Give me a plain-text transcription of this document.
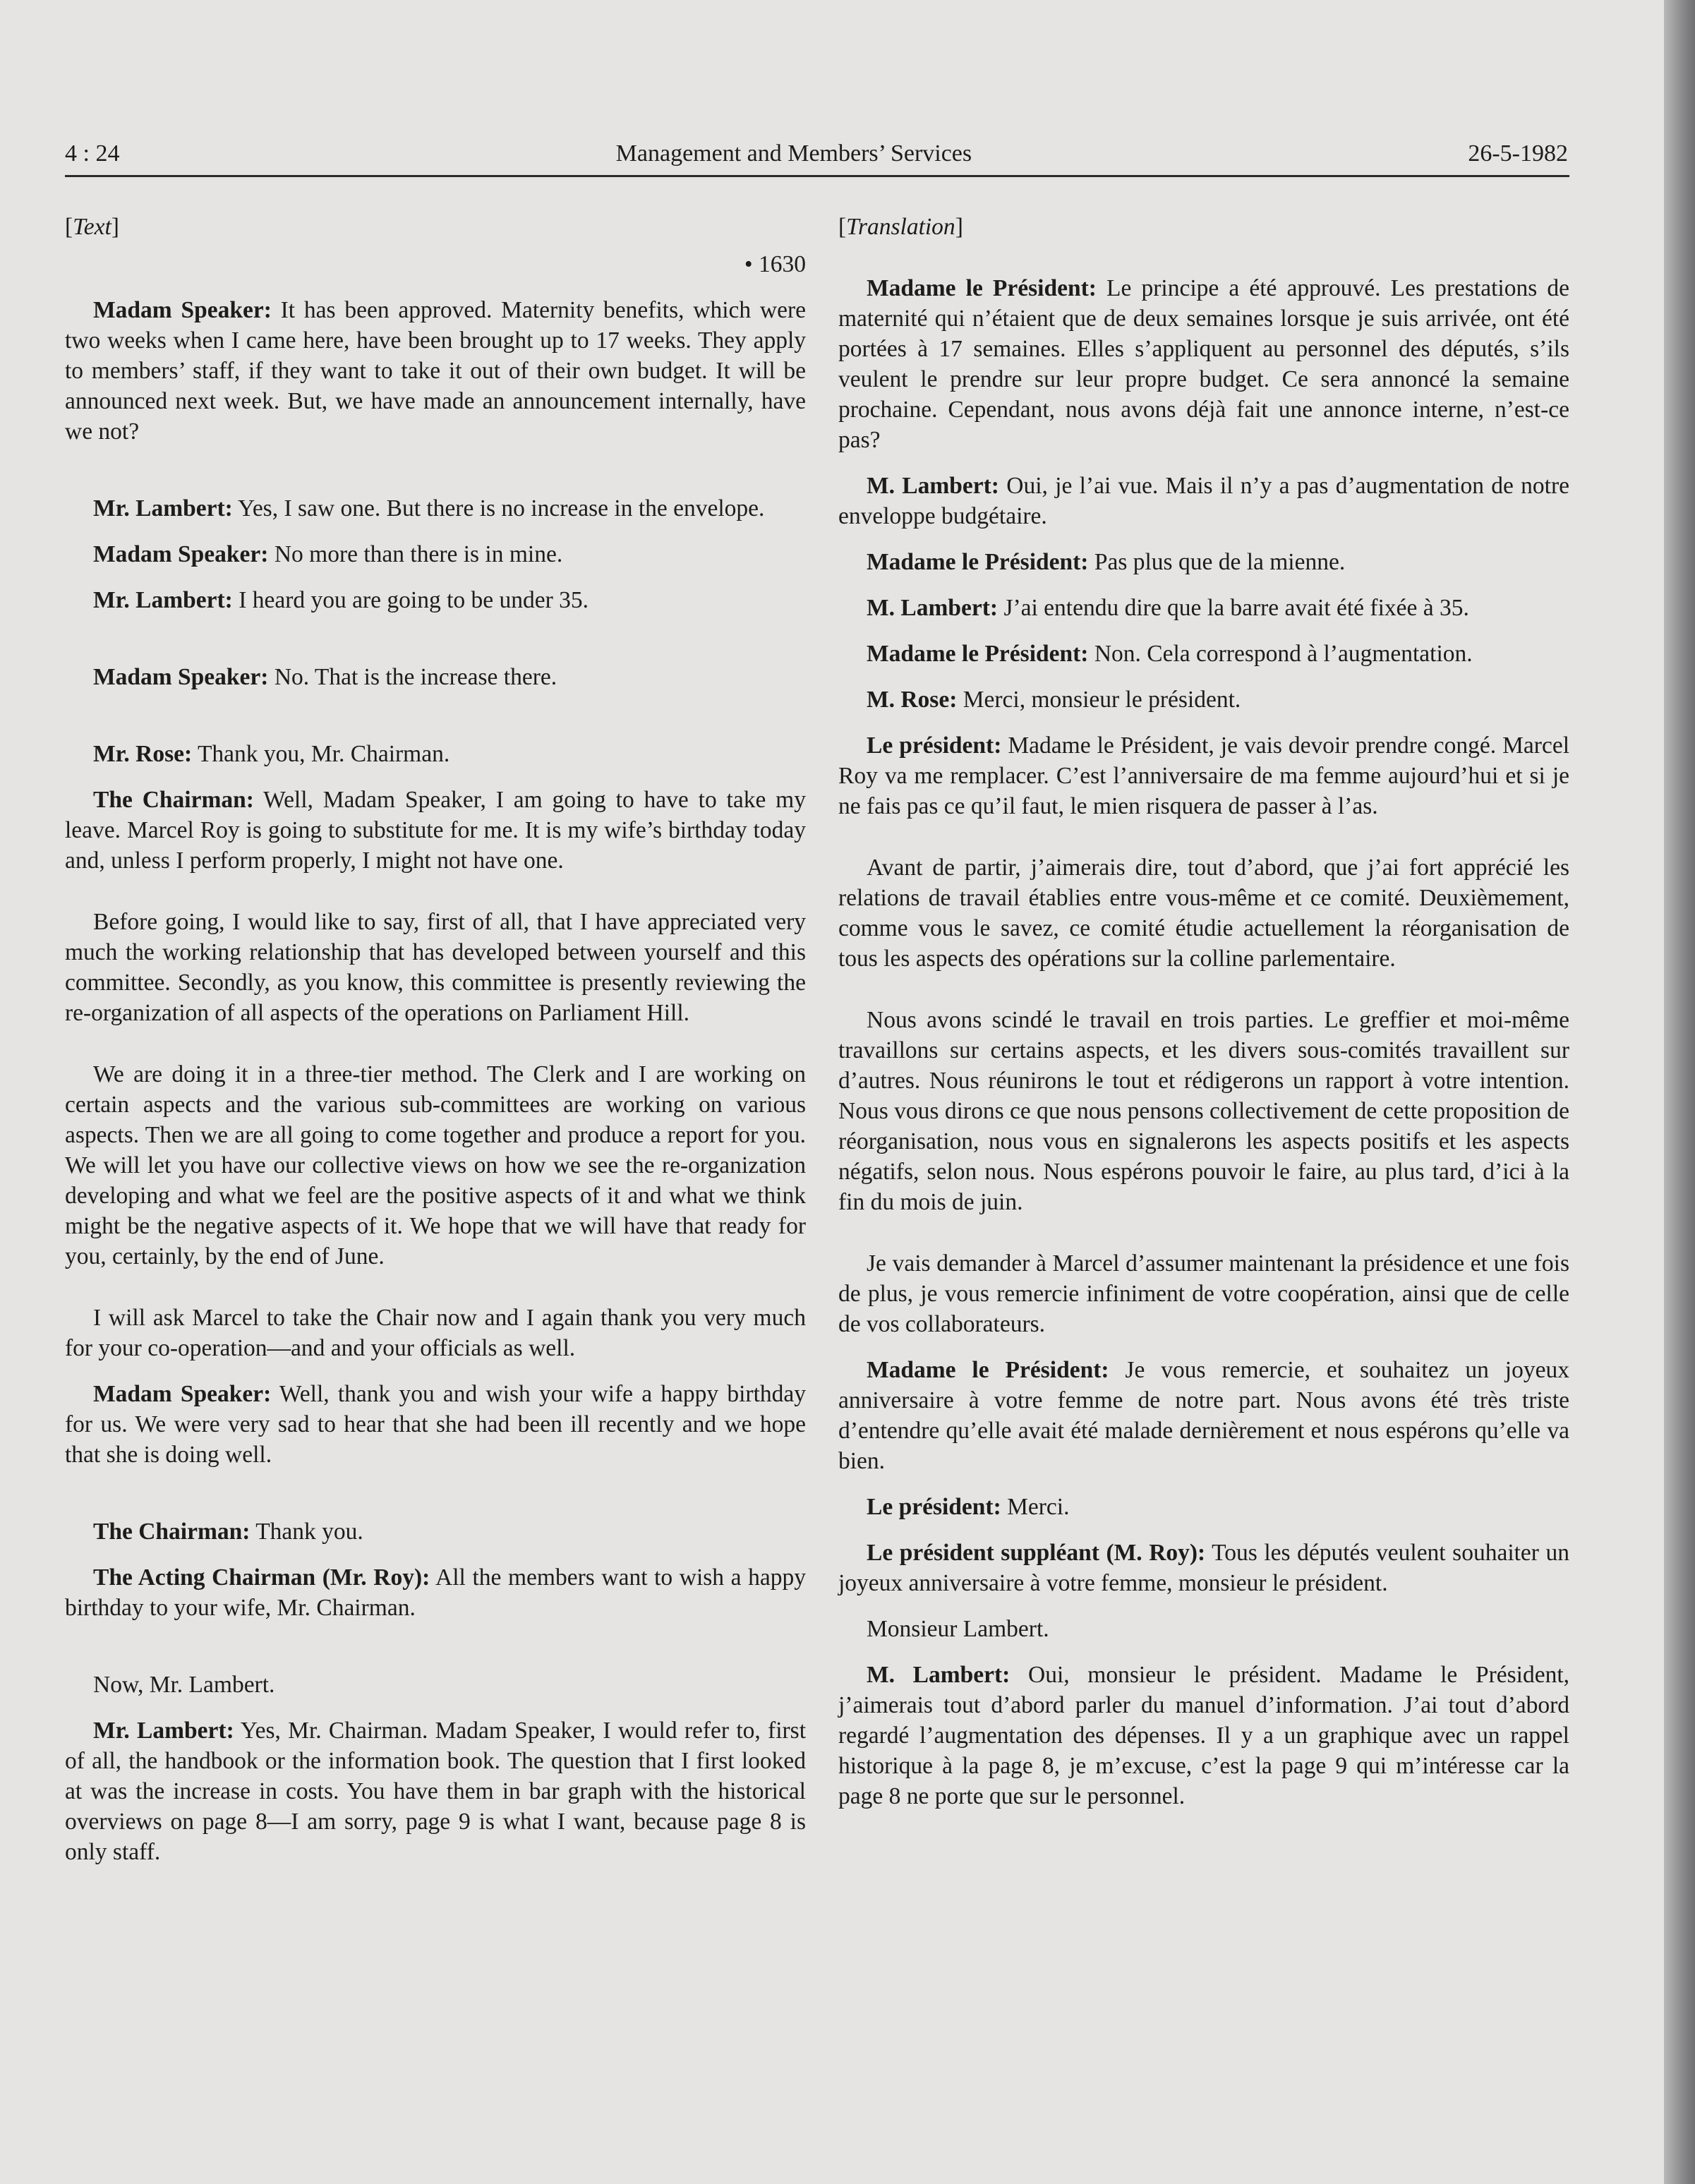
4 : 24	Management and Members’ Services	26-5-1982

[Text]

• 1630

Madam Speaker: It has been approved. Maternity benefits, which were two weeks when I came here, have been brought up to 17 weeks. They apply to members’ staff, if they want to take it out of their own budget. It will be announced next week. But, we have made an announcement internally, have we not?

Mr. Lambert: Yes, I saw one. But there is no increase in the envelope.

Madam Speaker: No more than there is in mine.

Mr. Lambert: I heard you are going to be under 35.

Madam Speaker: No. That is the increase there.

Mr. Rose: Thank you, Mr. Chairman.

The Chairman: Well, Madam Speaker, I am going to have to take my leave. Marcel Roy is going to substitute for me. It is my wife’s birthday today and, unless I perform properly, I might not have one.

Before going, I would like to say, first of all, that I have appreciated very much the working relationship that has developed between yourself and this committee. Secondly, as you know, this committee is presently reviewing the re-organization of all aspects of the operations on Parliament Hill.

We are doing it in a three-tier method. The Clerk and I are working on certain aspects and the various sub-committees are working on various aspects. Then we are all going to come together and produce a report for you. We will let you have our collective views on how we see the re-organization developing and what we feel are the positive aspects of it and what we think might be the negative aspects of it. We hope that we will have that ready for you, certainly, by the end of June.

I will ask Marcel to take the Chair now and I again thank you very much for your co-operation—and and your officials as well.

Madam Speaker: Well, thank you and wish your wife a happy birthday for us. We were very sad to hear that she had been ill recently and we hope that she is doing well.

The Chairman: Thank you.

The Acting Chairman (Mr. Roy): All the members want to wish a happy birthday to your wife, Mr. Chairman.

Now, Mr. Lambert.

Mr. Lambert: Yes, Mr. Chairman. Madam Speaker, I would refer to, first of all, the handbook or the information book. The question that I first looked at was the increase in costs. You have them in bar graph with the historical overviews on page 8—I am sorry, page 9 is what I want, because page 8 is only staff.

[Translation]

Madame le Président: Le principe a été approuvé. Les prestations de maternité qui n’étaient que de deux semaines lorsque je suis arrivée, ont été portées à 17 semaines. Elles s’appliquent au personnel des députés, s’ils veulent le prendre sur leur propre budget. Ce sera annoncé la semaine prochaine. Cependant, nous avons déjà fait une annonce interne, n’est-ce pas?

M. Lambert: Oui, je l’ai vue. Mais il n’y a pas d’augmentation de notre enveloppe budgétaire.

Madame le Président: Pas plus que de la mienne.

M. Lambert: J’ai entendu dire que la barre avait été fixée à 35.

Madame le Président: Non. Cela correspond à l’augmentation.

M. Rose: Merci, monsieur le président.

Le président: Madame le Président, je vais devoir prendre congé. Marcel Roy va me remplacer. C’est l’anniversaire de ma femme aujourd’hui et si je ne fais pas ce qu’il faut, le mien risquera de passer à l’as.

Avant de partir, j’aimerais dire, tout d’abord, que j’ai fort apprécié les relations de travail établies entre vous-même et ce comité. Deuxièmement, comme vous le savez, ce comité étudie actuellement la réorganisation de tous les aspects des opérations sur la colline parlementaire.

Nous avons scindé le travail en trois parties. Le greffier et moi-même travaillons sur certains aspects, et les divers sous-comités travaillent sur d’autres. Nous réunirons le tout et rédigerons un rapport à votre intention. Nous vous dirons ce que nous pensons collectivement de cette proposition de réorganisation, nous vous en signalerons les aspects positifs et les aspects négatifs, selon nous. Nous espérons pouvoir le faire, au plus tard, d’ici à la fin du mois de juin.

Je vais demander à Marcel d’assumer maintenant la présidence et une fois de plus, je vous remercie infiniment de votre coopération, ainsi que de celle de vos collaborateurs.

Madame le Président: Je vous remercie, et souhaitez un joyeux anniversaire à votre femme de notre part. Nous avons été très triste d’entendre qu’elle avait été malade dernièrement et nous espérons qu’elle va bien.

Le président: Merci.

Le président suppléant (M. Roy): Tous les députés veulent souhaiter un joyeux anniversaire à votre femme, monsieur le président.

Monsieur Lambert.

M. Lambert: Oui, monsieur le président. Madame le Président, j’aimerais tout d’abord parler du manuel d’information. J’ai tout d’abord regardé l’augmentation des dépenses. Il y a un graphique avec un rappel historique à la page 8, je m’excuse, c’est la page 9 qui m’intéresse car la page 8 ne porte que sur le personnel.
